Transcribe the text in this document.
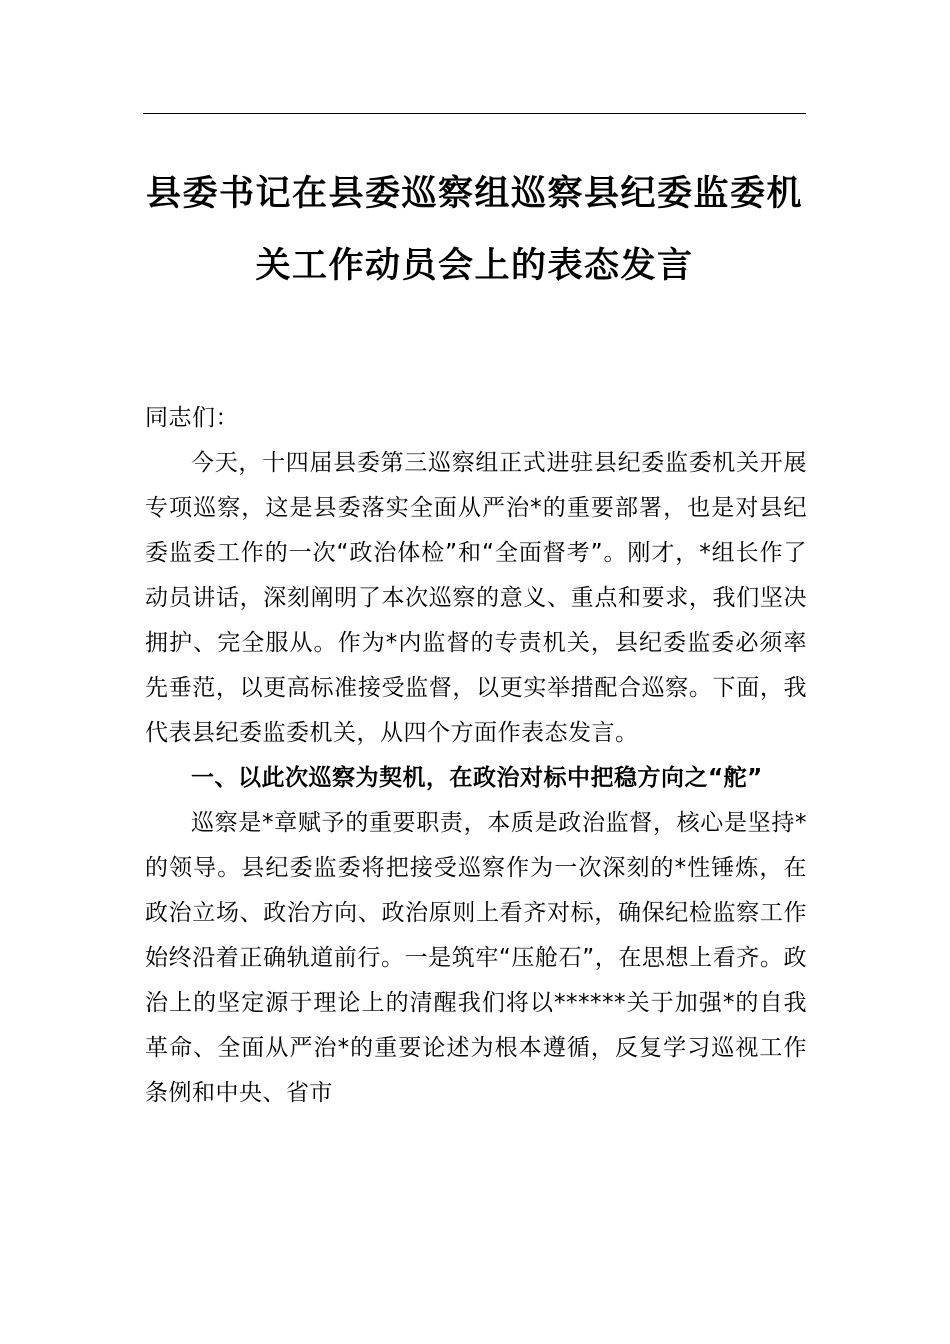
县委书记在县委巡察组巡察县纪委监委机
关工作动员会上的表态发言

同志们：

今天，十四届县委第三巡察组正式进驻县纪委监委机关开展专项巡察，这是县委落实全面从严治*的重要部署，也是对县纪委监委工作的一次“政治体检”和“全面督考”。刚才，*组长作了动员讲话，深刻阐明了本次巡察的意义、重点和要求，我们坚决拥护、完全服从。作为*内监督的专责机关，县纪委监委必须率先垂范，以更高标准接受监督，以更实举措配合巡察。下面，我代表县纪委监委机关，从四个方面作表态发言。

一、以此次巡察为契机，在政治对标中把稳方向之“舵”

巡察是*章赋予的重要职责，本质是政治监督，核心是坚持*的领导。县纪委监委将把接受巡察作为一次深刻的*性锤炼，在政治立场、政治方向、政治原则上看齐对标，确保纪检监察工作始终沿着正确轨道前行。一是筑牢“压舱石”，在思想上看齐。政治上的坚定源于理论上的清醒我们将以******关于加强*的自我革命、全面从严治*的重要论述为根本遵循，反复学习巡视工作条例和中央、省市
